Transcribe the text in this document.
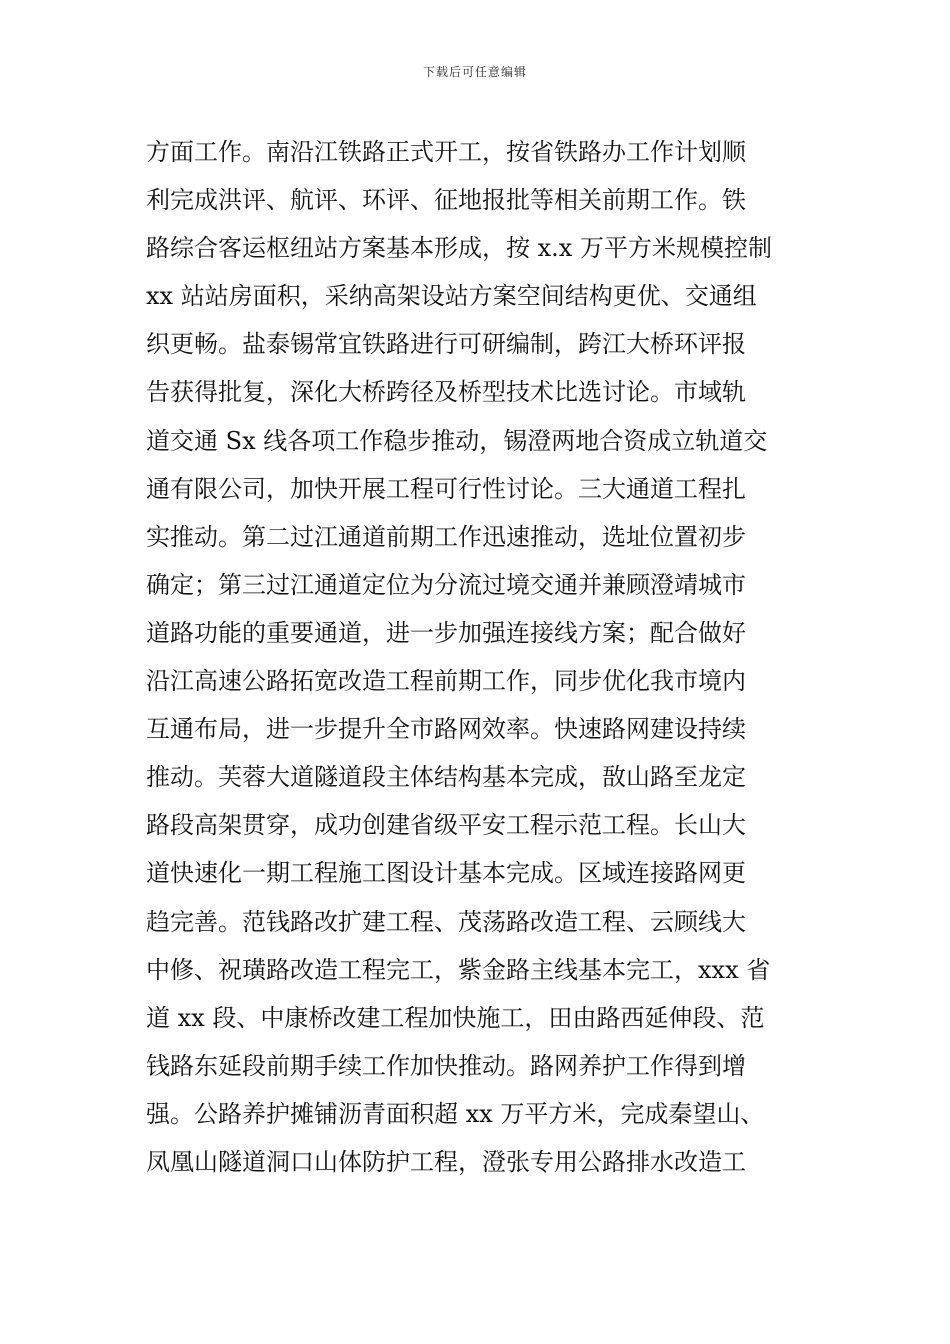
下载后可任意编辑
方面工作。南沿江铁路正式开工，按省铁路办工作计划顺
利完成洪评、航评、环评、征地报批等相关前期工作。铁
路综合客运枢纽站方案基本形成，按 x.x 万平方米规模控制
xx 站站房面积，采纳高架设站方案空间结构更优、交通组
织更畅。盐泰锡常宜铁路进行可研编制，跨江大桥环评报
告获得批复，深化大桥跨径及桥型技术比选讨论。市域轨
道交通 Sx 线各项工作稳步推动，锡澄两地合资成立轨道交
通有限公司，加快开展工程可行性讨论。三大通道工程扎
实推动。第二过江通道前期工作迅速推动，选址位置初步
确定；第三过江通道定位为分流过境交通并兼顾澄靖城市
道路功能的重要通道，进一步加强连接线方案；配合做好
沿江高速公路拓宽改造工程前期工作，同步优化我市境内
互通布局，进一步提升全市路网效率。快速路网建设持续
推动。芙蓉大道隧道段主体结构基本完成，敔山路至龙定
路段高架贯穿，成功创建省级平安工程示范工程。长山大
道快速化一期工程施工图设计基本完成。区域连接路网更
趋完善。范钱路改扩建工程、茂荡路改造工程、云顾线大
中修、祝璜路改造工程完工，紫金路主线基本完工，xxx 省
道 xx 段、中康桥改建工程加快施工，田由路西延伸段、范
钱路东延段前期手续工作加快推动。路网养护工作得到增
强。公路养护摊铺沥青面积超 xx 万平方米，完成秦望山、
凤凰山隧道洞口山体防护工程，澄张专用公路排水改造工
